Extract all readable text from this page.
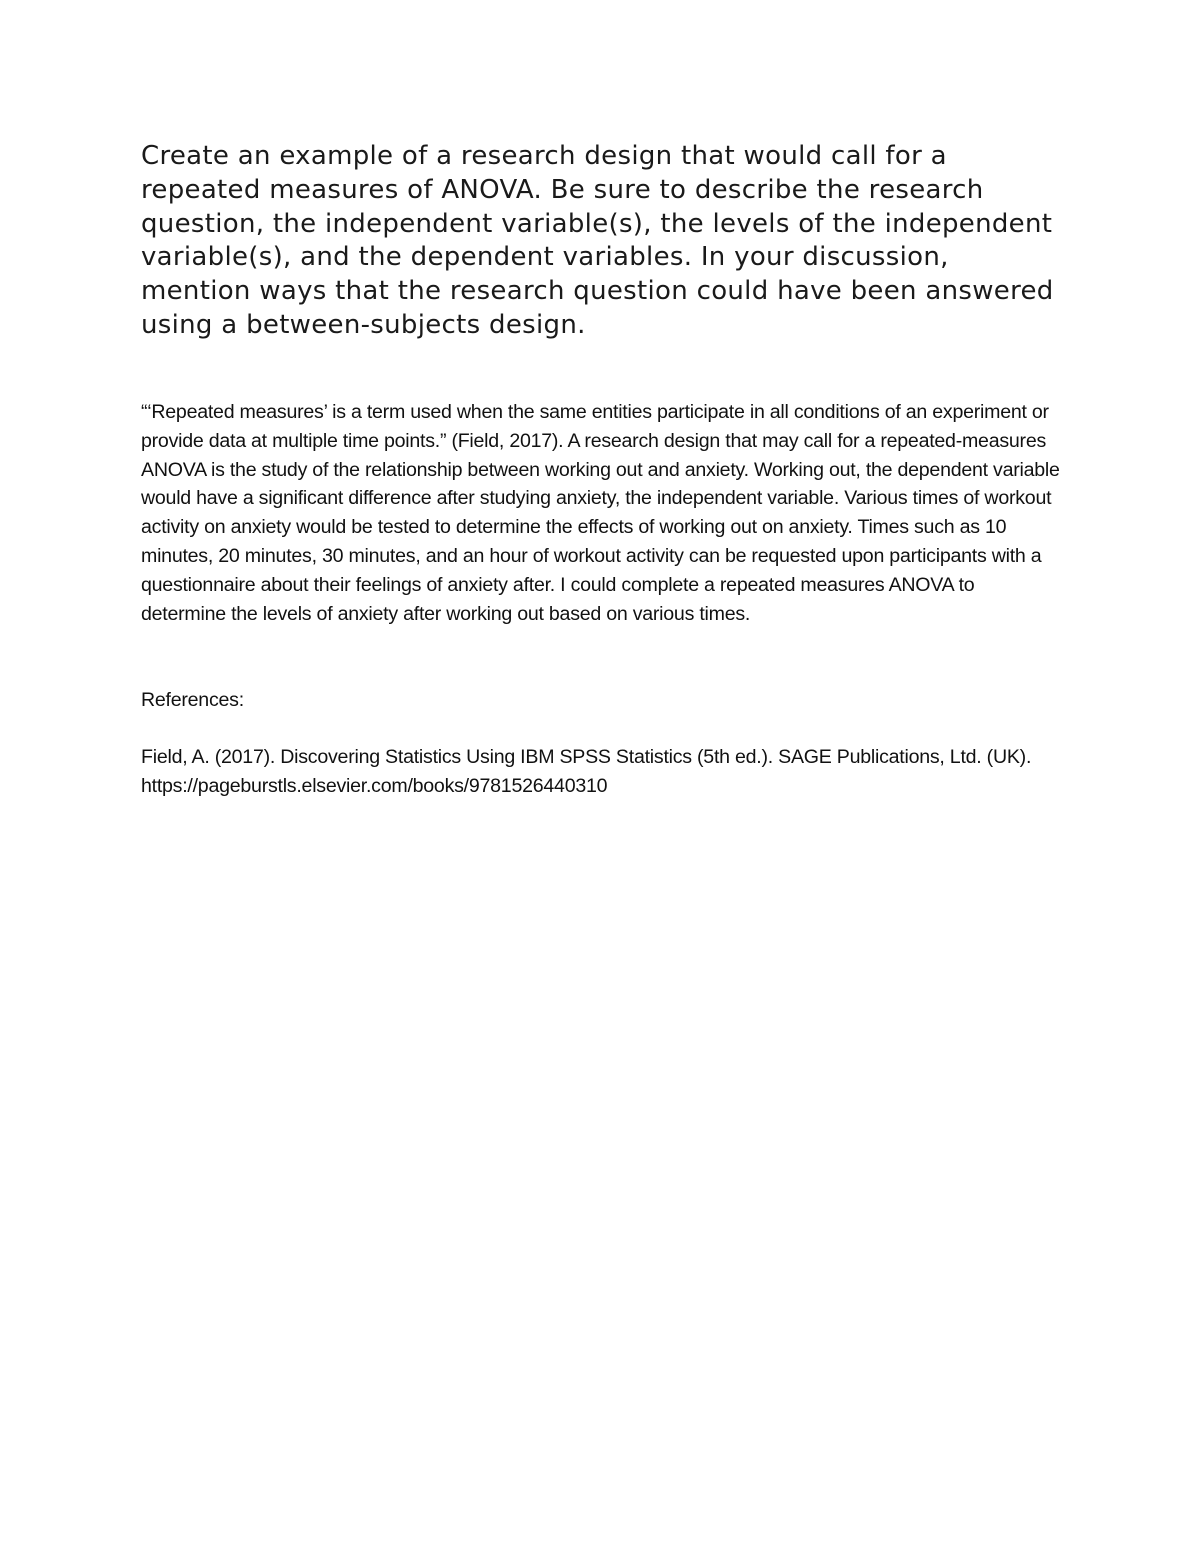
Create an example of a research design that would call for a repeated measures of ANOVA. Be sure to describe the research question, the independent variable(s), the levels of the independent variable(s), and the dependent variables. In your discussion, mention ways that the research question could have been answered using a between-subjects design.

“‘Repeated measures’ is a term used when the same entities participate in all conditions of an experiment or provide data at multiple time points.” (Field, 2017). A research design that may call for a repeated-measures ANOVA is the study of the relationship between working out and anxiety. Working out, the dependent variable would have a significant difference after studying anxiety, the independent variable. Various times of workout activity on anxiety would be tested to determine the effects of working out on anxiety. Times such as 10 minutes, 20 minutes, 30 minutes, and an hour of workout activity can be requested upon participants with a questionnaire about their feelings of anxiety after. I could complete a repeated measures ANOVA to determine the levels of anxiety after working out based on various times.

References:

Field, A. (2017). Discovering Statistics Using IBM SPSS Statistics (5th ed.). SAGE Publications, Ltd. (UK). https://pageburstls.elsevier.com/books/9781526440310
